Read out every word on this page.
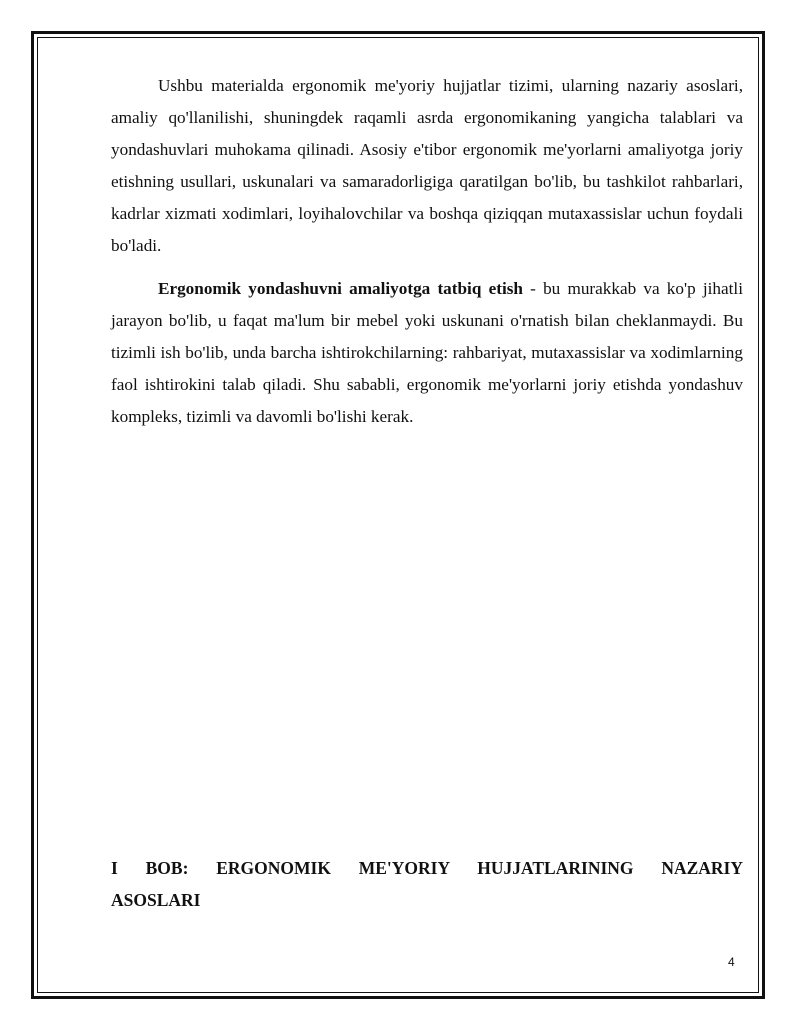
Ushbu materialda ergonomik me'yoriy hujjatlar tizimi, ularning nazariy asoslari, amaliy qo'llanilishi, shuningdek raqamli asrda ergonomikaning yangicha talablari va yondashuvlari muhokama qilinadi. Asosiy e'tibor ergonomik me'yorlarni amaliyotga joriy etishning usullari, uskunalari va samaradorligiga qaratilgan bo'lib, bu tashkilot rahbarlari, kadrlar xizmati xodimlari, loyihalovchilar va boshqa qiziqqan mutaxassislar uchun foydali bo'ladi.

Ergonomik yondashuvni amaliyotga tatbiq etish - bu murakkab va ko'p jihatli jarayon bo'lib, u faqat ma'lum bir mebel yoki uskunani o'rnatish bilan cheklanmaydi. Bu tizimli ish bo'lib, unda barcha ishtirokchilarning: rahbariyat, mutaxassislar va xodimlarning faol ishtirokini talab qiladi. Shu sababli, ergonomik me'yorlarni joriy etishda yondashuv kompleks, tizimli va davomli bo'lishi kerak.

I BOB: ERGONOMIK ME'YORIY HUJJATLARINING NAZARIY
ASOSLARI
4
